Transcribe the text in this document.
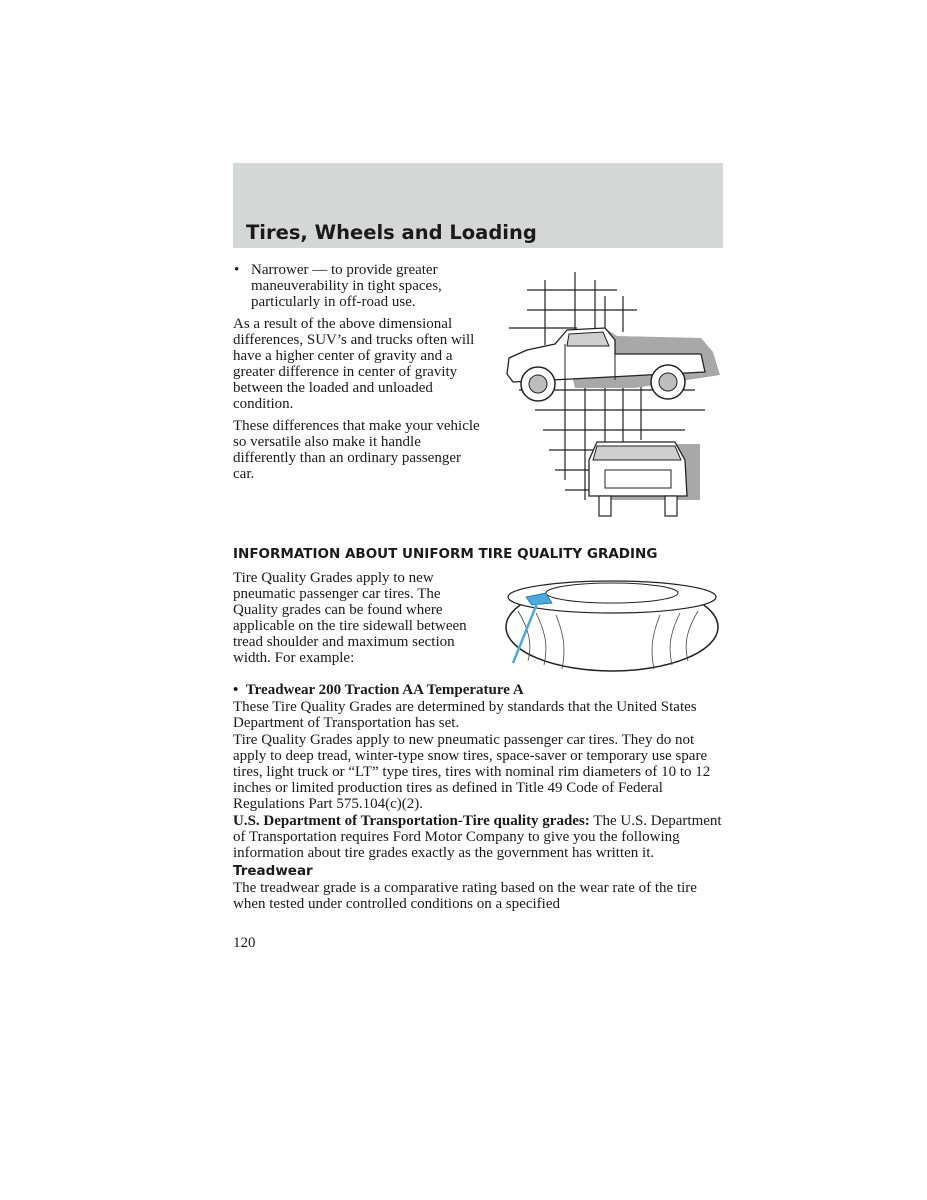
Tires, Wheels and Loading
• Narrower — to provide greater maneuverability in tight spaces, particularly in off-road use.

As a result of the above dimensional differences, SUV’s and trucks often will have a higher center of gravity and a greater difference in center of gravity between the loaded and unloaded condition.

These differences that make your vehicle so versatile also make it handle differently than an ordinary passenger car.

INFORMATION ABOUT UNIFORM TIRE QUALITY GRADING

Tire Quality Grades apply to new pneumatic passenger car tires. The Quality grades can be found where applicable on the tire sidewall between tread shoulder and maximum section width. For example:

• Treadwear 200 Traction AA Temperature A

These Tire Quality Grades are determined by standards that the United States Department of Transportation has set.

Tire Quality Grades apply to new pneumatic passenger car tires. They do not apply to deep tread, winter-type snow tires, space-saver or temporary use spare tires, light truck or “LT” type tires, tires with nominal rim diameters of 10 to 12 inches or limited production tires as defined in Title 49 Code of Federal Regulations Part 575.104(c)(2).

U.S. Department of Transportation-Tire quality grades: The U.S. Department of Transportation requires Ford Motor Company to give you the following information about tire grades exactly as the government has written it.

Treadwear

The treadwear grade is a comparative rating based on the wear rate of the tire when tested under controlled conditions on a specified

120
